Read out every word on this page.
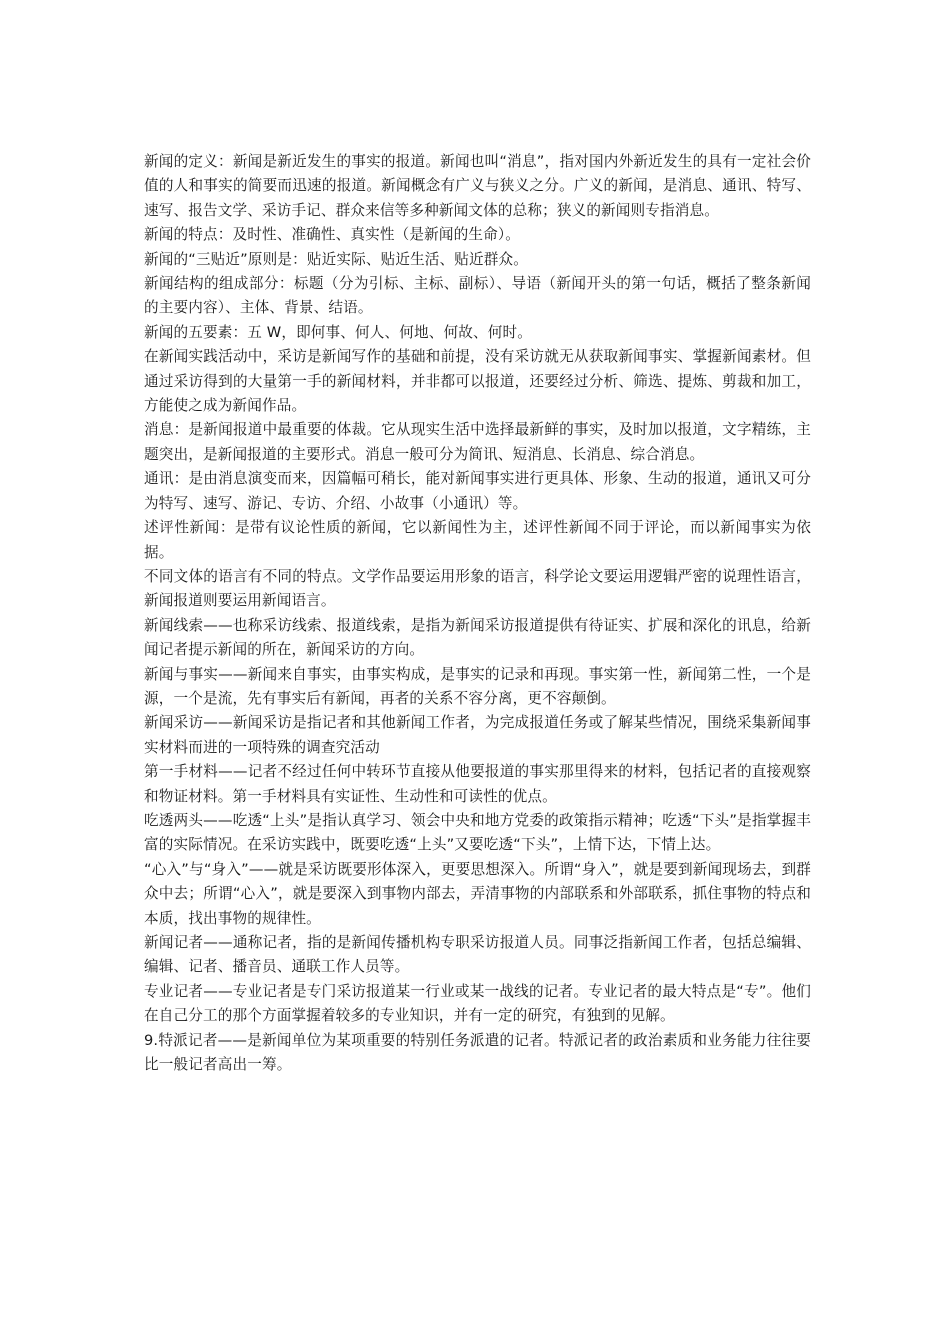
新闻的定义：新闻是新近发生的事实的报道。新闻也叫“消息”，指对国内外新近发生的具有一定社会价值的人和事实的简要而迅速的报道。新闻概念有广义与狭义之分。广义的新闻，是消息、通讯、特写、速写、报告文学、采访手记、群众来信等多种新闻文体的总称；狭义的新闻则专指消息。

新闻的特点：及时性、准确性、真实性（是新闻的生命）。

新闻的“三贴近”原则是：贴近实际、贴近生活、贴近群众。

新闻结构的组成部分：标题（分为引标、主标、副标）、导语（新闻开头的第一句话，概括了整条新闻的主要内容）、主体、背景、结语。

新闻的五要素：五 W，即何事、何人、何地、何故、何时。

在新闻实践活动中，采访是新闻写作的基础和前提，没有采访就无从获取新闻事实、掌握新闻素材。但通过采访得到的大量第一手的新闻材料，并非都可以报道，还要经过分析、筛选、提炼、剪裁和加工，方能使之成为新闻作品。

消息：是新闻报道中最重要的体裁。它从现实生活中选择最新鲜的事实，及时加以报道，文字精练，主题突出，是新闻报道的主要形式。消息一般可分为简讯、短消息、长消息、综合消息。

通讯：是由消息演变而来，因篇幅可稍长，能对新闻事实进行更具体、形象、生动的报道，通讯又可分为特写、速写、游记、专访、介绍、小故事（小通讯）等。

述评性新闻：是带有议论性质的新闻，它以新闻性为主，述评性新闻不同于评论，而以新闻事实为依据。

不同文体的语言有不同的特点。文学作品要运用形象的语言，科学论文要运用逻辑严密的说理性语言，新闻报道则要运用新闻语言。

新闻线索——也称采访线索、报道线索，是指为新闻采访报道提供有待证实、扩展和深化的讯息，给新闻记者提示新闻的所在，新闻采访的方向。

新闻与事实——新闻来自事实，由事实构成，是事实的记录和再现。事实第一性，新闻第二性，一个是源，一个是流，先有事实后有新闻，再者的关系不容分离，更不容颠倒。

新闻采访——新闻采访是指记者和其他新闻工作者，为完成报道任务或了解某些情况，围绕采集新闻事实材料而进的一项特殊的调查究活动

第一手材料——记者不经过任何中转环节直接从他要报道的事实那里得来的材料，包括记者的直接观察和物证材料。第一手材料具有实证性、生动性和可读性的优点。

吃透两头——吃透“上头”是指认真学习、领会中央和地方党委的政策指示精神；吃透“下头”是指掌握丰富的实际情况。在采访实践中，既要吃透“上头”又要吃透“下头”，上情下达，下情上达。

“心入”与“身入”——就是采访既要形体深入，更要思想深入。所谓“身入”，就是要到新闻现场去，到群众中去；所谓“心入”，就是要深入到事物内部去，弄清事物的内部联系和外部联系，抓住事物的特点和本质，找出事物的规律性。

新闻记者——通称记者，指的是新闻传播机构专职采访报道人员。同事泛指新闻工作者，包括总编辑、编辑、记者、播音员、通联工作人员等。

专业记者——专业记者是专门采访报道某一行业或某一战线的记者。专业记者的最大特点是“专”。他们在自己分工的那个方面掌握着较多的专业知识，并有一定的研究，有独到的见解。

9.特派记者——是新闻单位为某项重要的特别任务派遣的记者。特派记者的政治素质和业务能力往往要比一般记者高出一筹。
